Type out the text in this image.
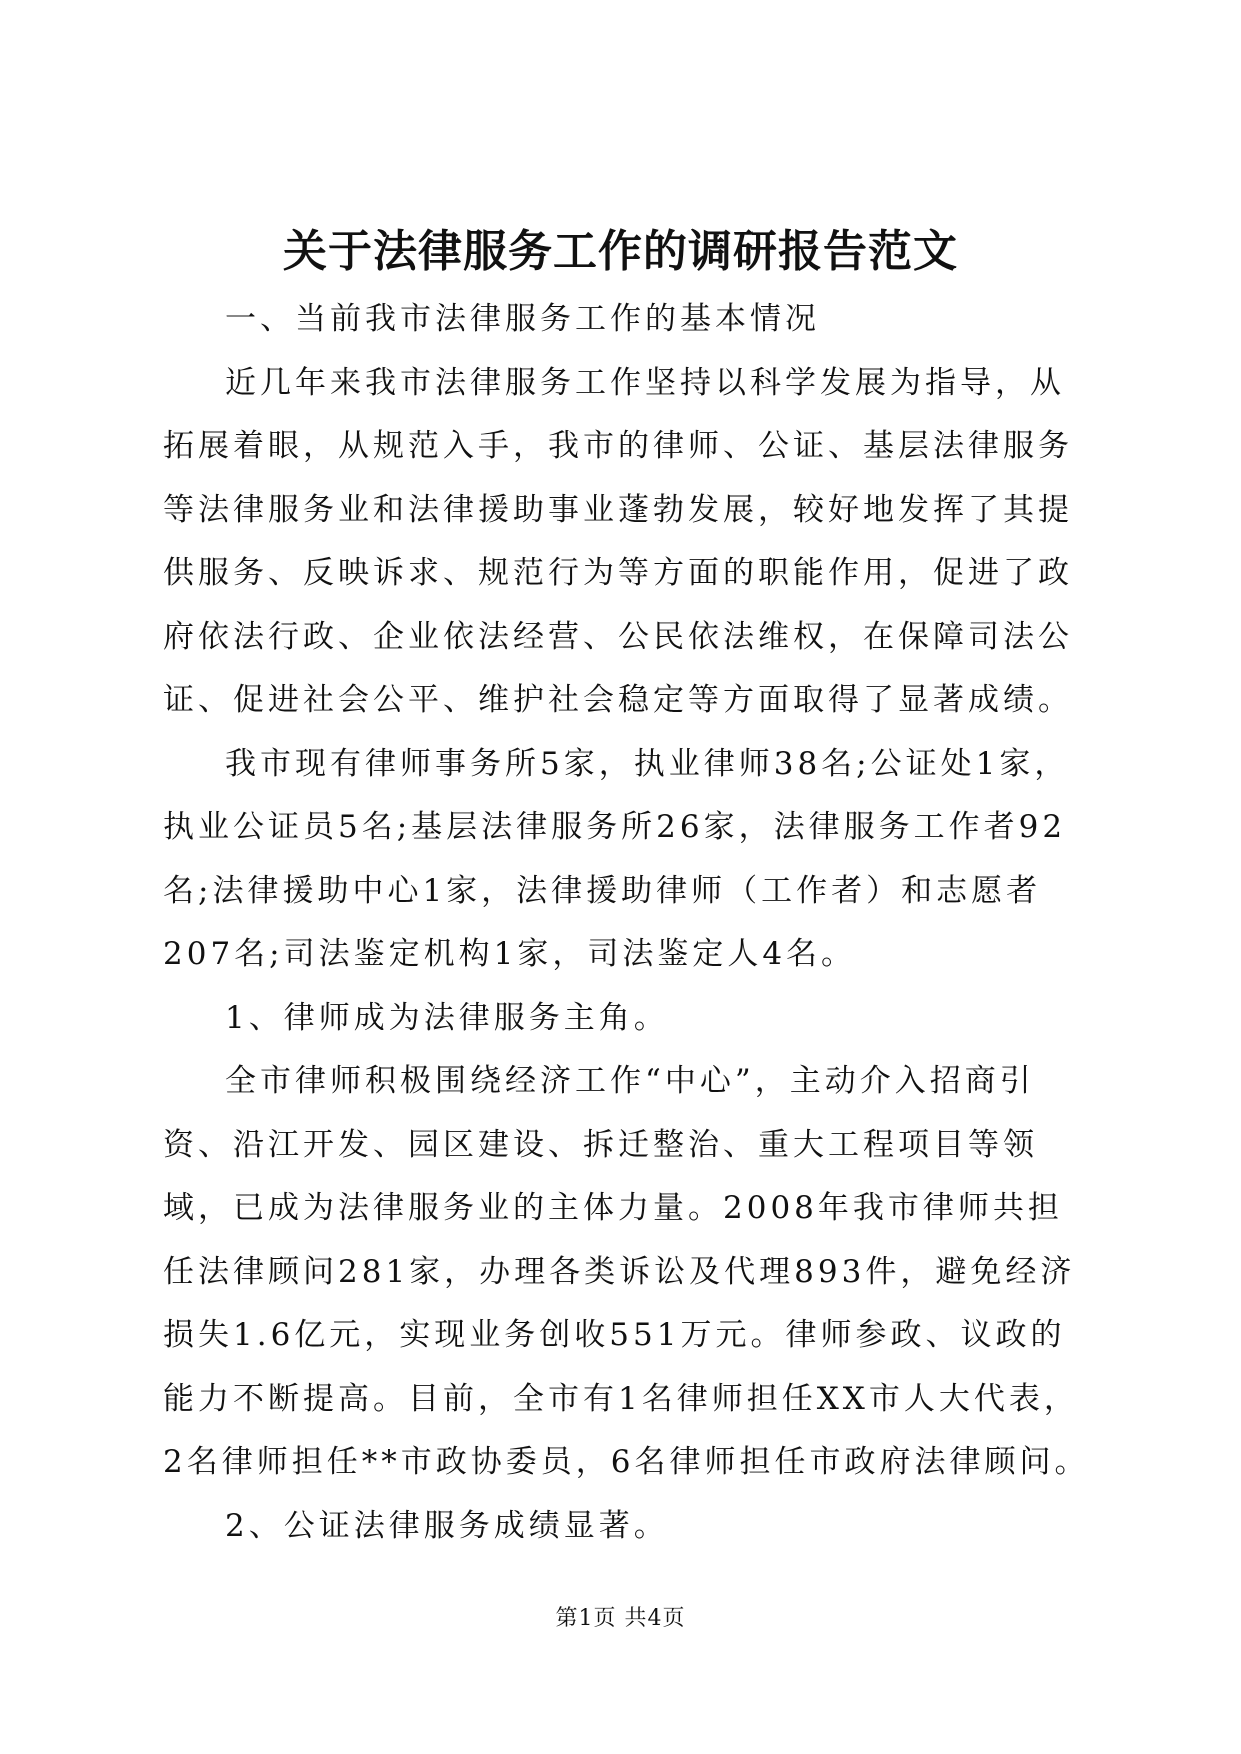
关于法律服务工作的调研报告范文

一、当前我市法律服务工作的基本情况

近几年来我市法律服务工作坚持以科学发展为指导，从拓展着眼，从规范入手，我市的律师、公证、基层法律服务等法律服务业和法律援助事业蓬勃发展，较好地发挥了其提供服务、反映诉求、规范行为等方面的职能作用，促进了政府依法行政、企业依法经营、公民依法维权，在保障司法公证、促进社会公平、维护社会稳定等方面取得了显著成绩。

我市现有律师事务所5家，执业律师38名;公证处1家，执业公证员5名;基层法律服务所26家，法律服务工作者92名;法律援助中心1家，法律援助律师（工作者）和志愿者207名;司法鉴定机构1家，司法鉴定人4名。

1、律师成为法律服务主角。

全市律师积极围绕经济工作“中心”，主动介入招商引资、沿江开发、园区建设、拆迁整治、重大工程项目等领域，已成为法律服务业的主体力量。2008年我市律师共担任法律顾问281家，办理各类诉讼及代理893件，避免经济损失1.6亿元，实现业务创收551万元。律师参政、议政的能力不断提高。目前，全市有1名律师担任XX市人大代表，2名律师担任**市政协委员，6名律师担任市政府法律顾问。

2、公证法律服务成绩显著。

第1页 共4页
